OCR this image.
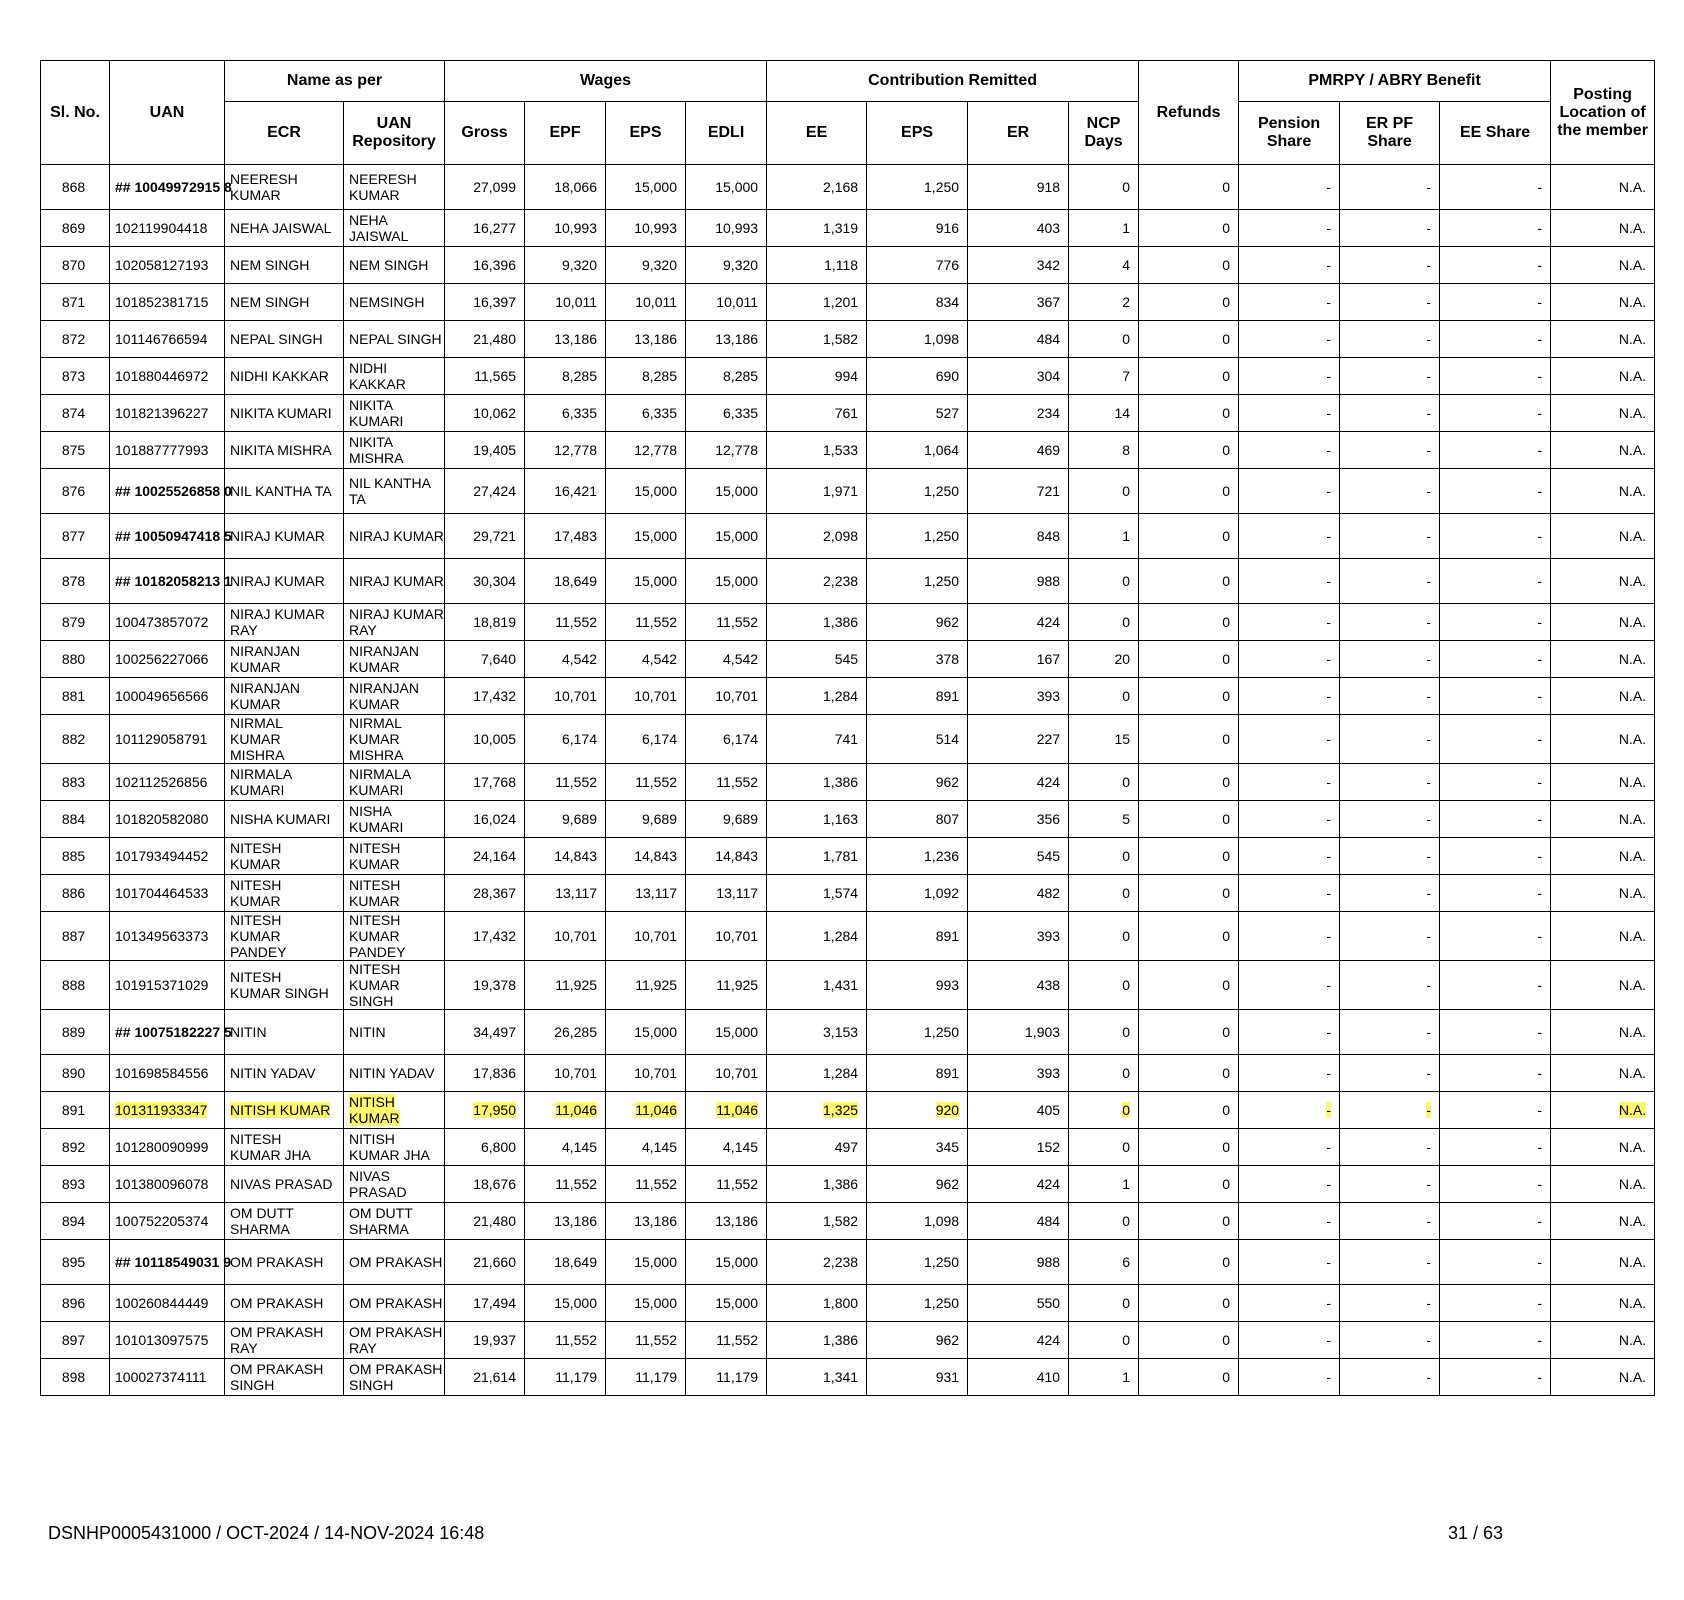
Sl. No.	UAN	Name as per		Wages				Contribution Remitted				Refunds	PMRPY / ABRY Benefit			Posting Location of the member
		ECR	UAN Repository	Gross	EPF	EPS	EDLI	EE	EPS	ER	NCP Days		Pension Share	ER PF Share	EE Share	
868	## 10049972915 8	NEERESH KUMAR	NEERESH KUMAR	27,099	18,066	15,000	15,000	2,168	1,250	918	0	0	-	-	-	N.A.
869	102119904418	NEHA JAISWAL	NEHA JAISWAL	16,277	10,993	10,993	10,993	1,319	916	403	1	0	-	-	-	N.A.
870	102058127193	NEM SINGH	NEM SINGH	16,396	9,320	9,320	9,320	1,118	776	342	4	0	-	-	-	N.A.
871	101852381715	NEM SINGH	NEMSINGH	16,397	10,011	10,011	10,011	1,201	834	367	2	0	-	-	-	N.A.
872	101146766594	NEPAL SINGH	NEPAL SINGH	21,480	13,186	13,186	13,186	1,582	1,098	484	0	0	-	-	-	N.A.
873	101880446972	NIDHI KAKKAR	NIDHI KAKKAR	11,565	8,285	8,285	8,285	994	690	304	7	0	-	-	-	N.A.
874	101821396227	NIKITA KUMARI	NIKITA KUMARI	10,062	6,335	6,335	6,335	761	527	234	14	0	-	-	-	N.A.
875	101887777993	NIKITA MISHRA	NIKITA MISHRA	19,405	12,778	12,778	12,778	1,533	1,064	469	8	0	-	-	-	N.A.
876	## 10025526858 0	NIL KANTHA TA	NIL KANTHA TA	27,424	16,421	15,000	15,000	1,971	1,250	721	0	0	-	-	-	N.A.
877	## 10050947418 5	NIRAJ KUMAR	NIRAJ KUMAR	29,721	17,483	15,000	15,000	2,098	1,250	848	1	0	-	-	-	N.A.
878	## 10182058213 1	NIRAJ KUMAR	NIRAJ KUMAR	30,304	18,649	15,000	15,000	2,238	1,250	988	0	0	-	-	-	N.A.
879	100473857072	NIRAJ KUMAR RAY	NIRAJ KUMAR RAY	18,819	11,552	11,552	11,552	1,386	962	424	0	0	-	-	-	N.A.
880	100256227066	NIRANJAN KUMAR	NIRANJAN KUMAR	7,640	4,542	4,542	4,542	545	378	167	20	0	-	-	-	N.A.
881	100049656566	NIRANJAN KUMAR	NIRANJAN KUMAR	17,432	10,701	10,701	10,701	1,284	891	393	0	0	-	-	-	N.A.
882	101129058791	NIRMAL KUMAR MISHRA	NIRMAL KUMAR MISHRA	10,005	6,174	6,174	6,174	741	514	227	15	0	-	-	-	N.A.
883	102112526856	NIRMALA KUMARI	NIRMALA KUMARI	17,768	11,552	11,552	11,552	1,386	962	424	0	0	-	-	-	N.A.
884	101820582080	NISHA KUMARI	NISHA KUMARI	16,024	9,689	9,689	9,689	1,163	807	356	5	0	-	-	-	N.A.
885	101793494452	NITESH KUMAR	NITESH KUMAR	24,164	14,843	14,843	14,843	1,781	1,236	545	0	0	-	-	-	N.A.
886	101704464533	NITESH KUMAR	NITESH KUMAR	28,367	13,117	13,117	13,117	1,574	1,092	482	0	0	-	-	-	N.A.
887	101349563373	NITESH KUMAR PANDEY	NITESH KUMAR PANDEY	17,432	10,701	10,701	10,701	1,284	891	393	0	0	-	-	-	N.A.
888	101915371029	NITESH KUMAR SINGH	NITESH KUMAR SINGH	19,378	11,925	11,925	11,925	1,431	993	438	0	0	-	-	-	N.A.
889	## 10075182227 5	NITIN	NITIN	34,497	26,285	15,000	15,000	3,153	1,250	1,903	0	0	-	-	-	N.A.
890	101698584556	NITIN YADAV	NITIN YADAV	17,836	10,701	10,701	10,701	1,284	891	393	0	0	-	-	-	N.A.
891	101311933347	NITISH KUMAR	NITISH KUMAR	17,950	11,046	11,046	11,046	1,325	920	405	0	0	-	-	-	N.A.
892	101280090999	NITESH KUMAR JHA	NITISH KUMAR JHA	6,800	4,145	4,145	4,145	497	345	152	0	0	-	-	-	N.A.
893	101380096078	NIVAS PRASAD	NIVAS PRASAD	18,676	11,552	11,552	11,552	1,386	962	424	1	0	-	-	-	N.A.
894	100752205374	OM DUTT SHARMA	OM DUTT SHARMA	21,480	13,186	13,186	13,186	1,582	1,098	484	0	0	-	-	-	N.A.
895	## 10118549031 9	OM PRAKASH	OM PRAKASH	21,660	18,649	15,000	15,000	2,238	1,250	988	6	0	-	-	-	N.A.
896	100260844449	OM PRAKASH	OM PRAKASH	17,494	15,000	15,000	15,000	1,800	1,250	550	0	0	-	-	-	N.A.
897	101013097575	OM PRAKASH RAY	OM PRAKASH RAY	19,937	11,552	11,552	11,552	1,386	962	424	0	0	-	-	-	N.A.
898	100027374111	OM PRAKASH SINGH	OM PRAKASH SINGH	21,614	11,179	11,179	11,179	1,341	931	410	1	0	-	-	-	N.A.
DSNHP0005431000 / OCT-2024 / 14-NOV-2024 16:48	31 / 63
